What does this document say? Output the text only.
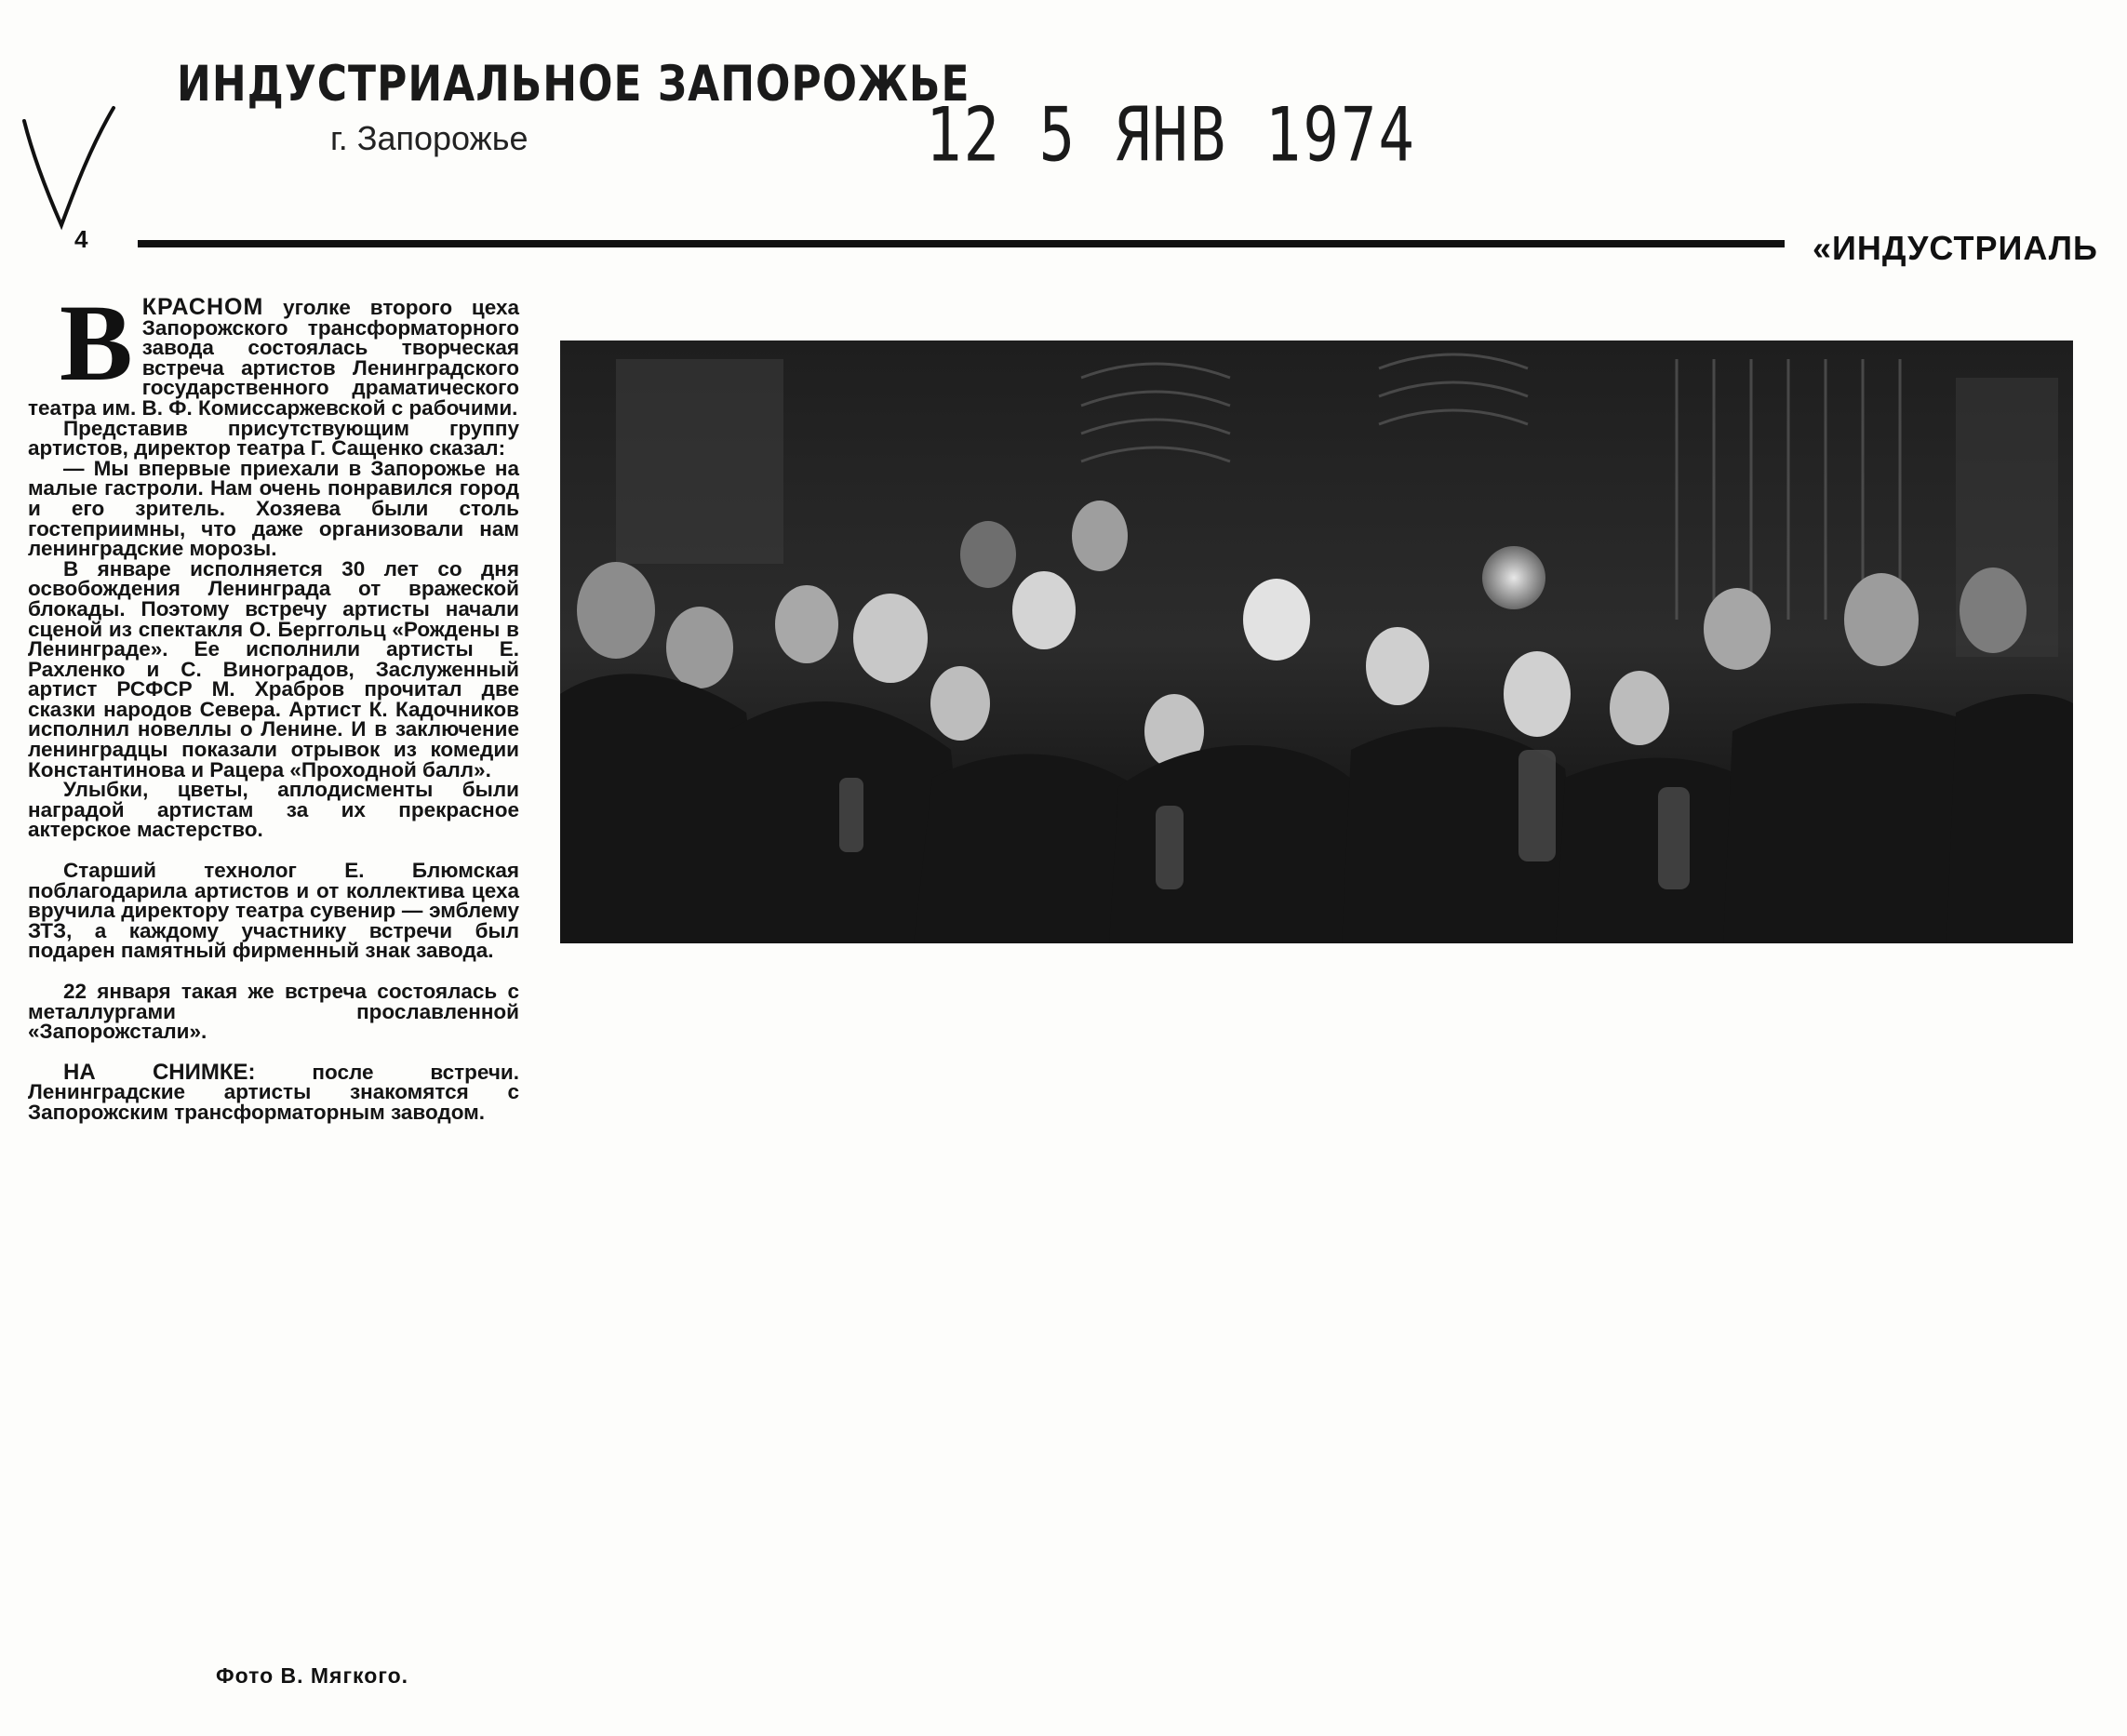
ИНДУСТРИАЛЬНОЕ ЗАПОРОЖЬЕ
г. Запорожье	12 5 ЯНВ 1974
4	«ИНДУСТРИАЛЬ

ВКРАСНОМ уголке второго цеха Запорожского трансформаторного завода состоялась творческая встреча артистов Ленинградского государственного драматического театра им. В. Ф. Комиссаржевской с рабочими.

Представив присутствующим группу артистов, директор театра Г. Сащенко сказал:

— Мы впервые приехали в Запорожье на малые гастроли. Нам очень понравился город и его зритель. Хозяева были столь гостеприимны, что даже организовали нам ленинградские морозы.

В январе исполняется 30 лет со дня освобождения Ленинграда от вражеской блокады. Поэтому встречу артисты начали сценой из спектакля О. Берггольц «Рождены в Ленинграде». Ее исполнили артисты Е. Рахленко и С. Виноградов, Заслуженный артист РСФСР М. Храбров прочитал две сказки народов Севера. Артист К. Кадочников исполнил новеллы о Ленине. И в заключение ленинградцы показали отрывок из комедии Константинова и Рацера «Проходной балл».

Улыбки, цветы, аплодисменты были наградой артистам за их прекрасное актерское мастерство.

Старший технолог Е. Блюмская поблагодарила артистов и от коллектива цеха вручила директору театра сувенир — эмблему ЗТЗ, а каждому участнику встречи был подарен памятный фирменный знак завода.

22 января такая же встреча состоялась с металлургами прославленной «Запорожстали».

НА СНИМКЕ: после встречи. Ленинградские артисты знакомятся с Запорожским трансформаторным заводом.

Фото В. Мягкого.
